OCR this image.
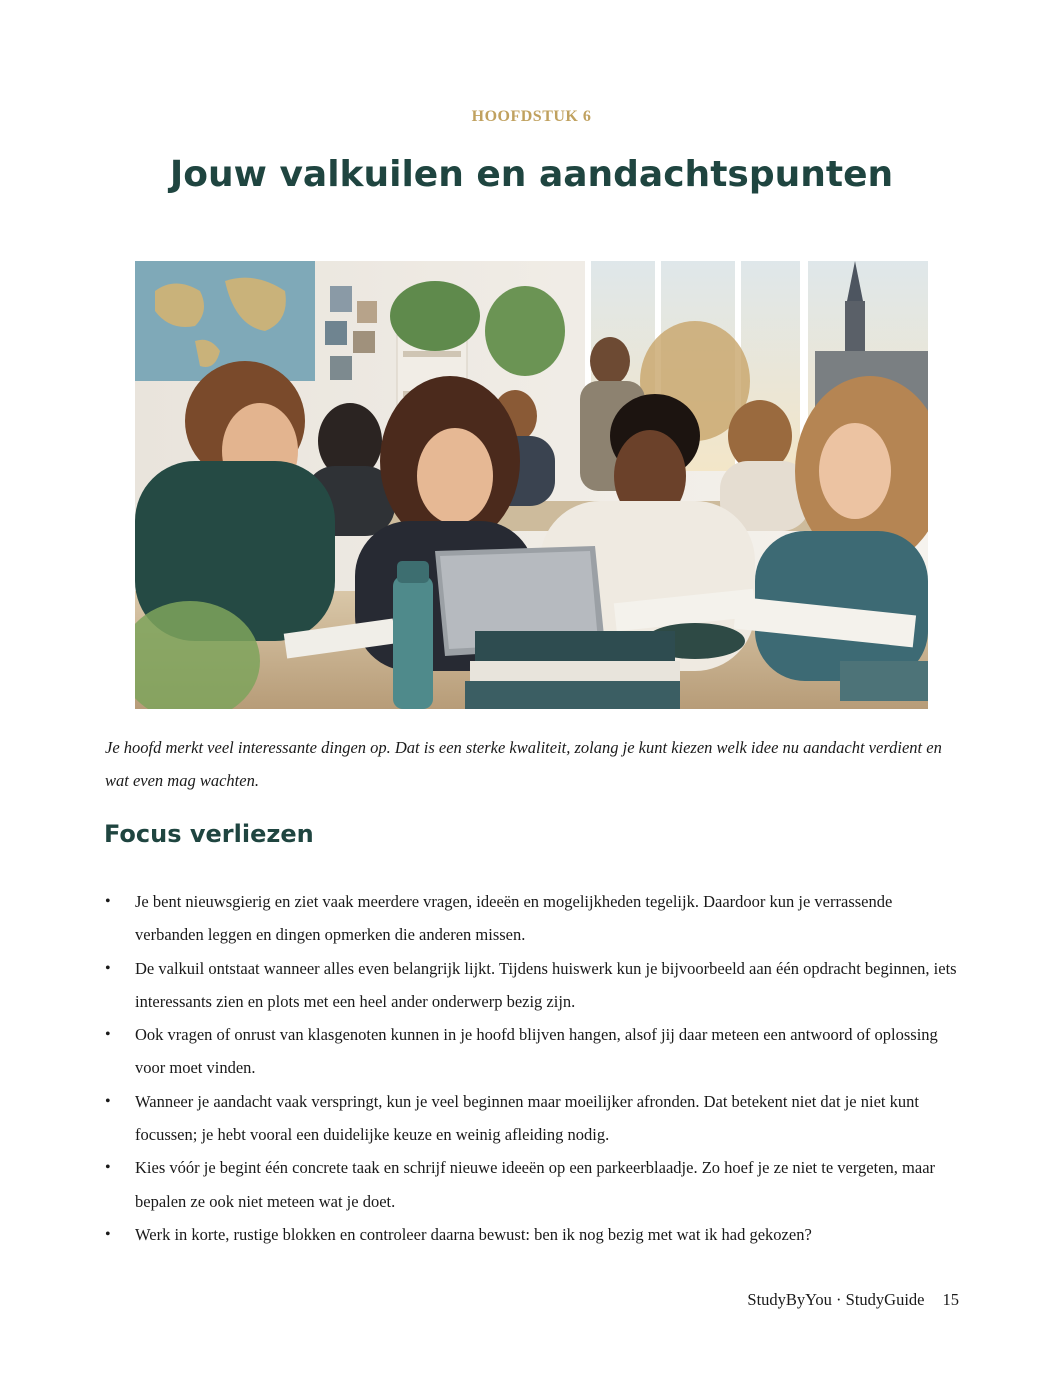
HOOFDSTUK 6
Jouw valkuilen en aandachtspunten

Je hoofd merkt veel interessante dingen op. Dat is een sterke kwaliteit, zolang je kunt kiezen welk idee nu aandacht verdient en wat even mag wachten.

Focus verliezen
• Je bent nieuwsgierig en ziet vaak meerdere vragen, ideeën en mogelijkheden tegelijk. Daardoor kun je verrassende verbanden leggen en dingen opmerken die anderen missen.
• De valkuil ontstaat wanneer alles even belangrijk lijkt. Tijdens huiswerk kun je bijvoorbeeld aan één opdracht beginnen, iets interessants zien en plots met een heel ander onderwerp bezig zijn.
• Ook vragen of onrust van klasgenoten kunnen in je hoofd blijven hangen, alsof jij daar meteen een antwoord of oplossing voor moet vinden.
• Wanneer je aandacht vaak verspringt, kun je veel beginnen maar moeilijker afronden. Dat betekent niet dat je niet kunt focussen; je hebt vooral een duidelijke keuze en weinig afleiding nodig.
• Kies vóór je begint één concrete taak en schrijf nieuwe ideeën op een parkeerblaadje. Zo hoef je ze niet te vergeten, maar bepalen ze ook niet meteen wat je doet.
• Werk in korte, rustige blokken en controleer daarna bewust: ben ik nog bezig met wat ik had gekozen?
StudyByYou · StudyGuide 15
